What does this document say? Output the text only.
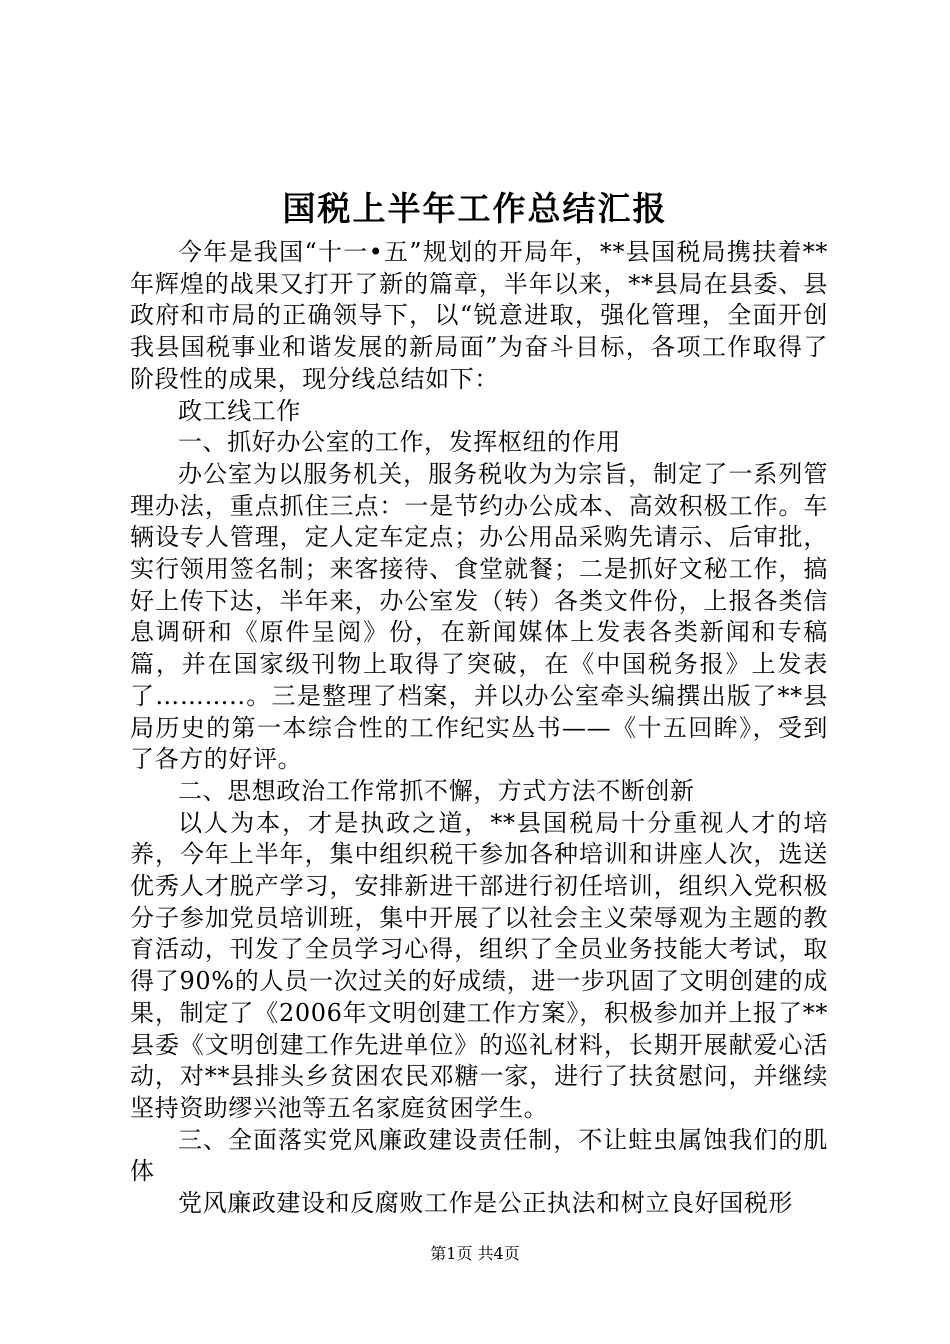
国税上半年工作总结汇报

今年是我国“十一•五”规划的开局年，**县国税局携扶着**年辉煌的战果又打开了新的篇章，半年以来，**县局在县委、县政府和市局的正确领导下，以“锐意进取，强化管理，全面开创我县国税事业和谐发展的新局面”为奋斗目标，各项工作取得了阶段性的成果，现分线总结如下：

政工线工作

一、抓好办公室的工作，发挥枢纽的作用

办公室为以服务机关，服务税收为为宗旨，制定了一系列管理办法，重点抓住三点：一是节约办公成本、高效积极工作。车辆设专人管理，定人定车定点；办公用品采购先请示、后审批，实行领用签名制；来客接待、食堂就餐；二是抓好文秘工作，搞好上传下达，半年来，办公室发（转）各类文件份，上报各类信息调研和《原件呈阅》份，在新闻媒体上发表各类新闻和专稿篇，并在国家级刊物上取得了突破，在《中国税务报》上发表了………..。三是整理了档案，并以办公室牵头编撰出版了**县局历史的第一本综合性的工作纪实丛书——《十五回眸》，受到了各方的好评。

二、思想政治工作常抓不懈，方式方法不断创新

以人为本，才是执政之道，**县国税局十分重视人才的培养，今年上半年，集中组织税干参加各种培训和讲座人次，选送优秀人才脱产学习，安排新进干部进行初任培训，组织入党积极分子参加党员培训班，集中开展了以社会主义荣辱观为主题的教育活动，刊发了全员学习心得，组织了全员业务技能大考试，取得了90%的人员一次过关的好成绩，进一步巩固了文明创建的成果，制定了《2006年文明创建工作方案》，积极参加并上报了**县委《文明创建工作先进单位》的巡礼材料，长期开展献爱心活动，对**县排头乡贫困农民邓糖一家，进行了扶贫慰问，并继续坚持资助缪兴池等五名家庭贫困学生。

三、全面落实党风廉政建设责任制，不让蛀虫属蚀我们的肌体

党风廉政建设和反腐败工作是公正执法和树立良好国税形

第1页 共4页
